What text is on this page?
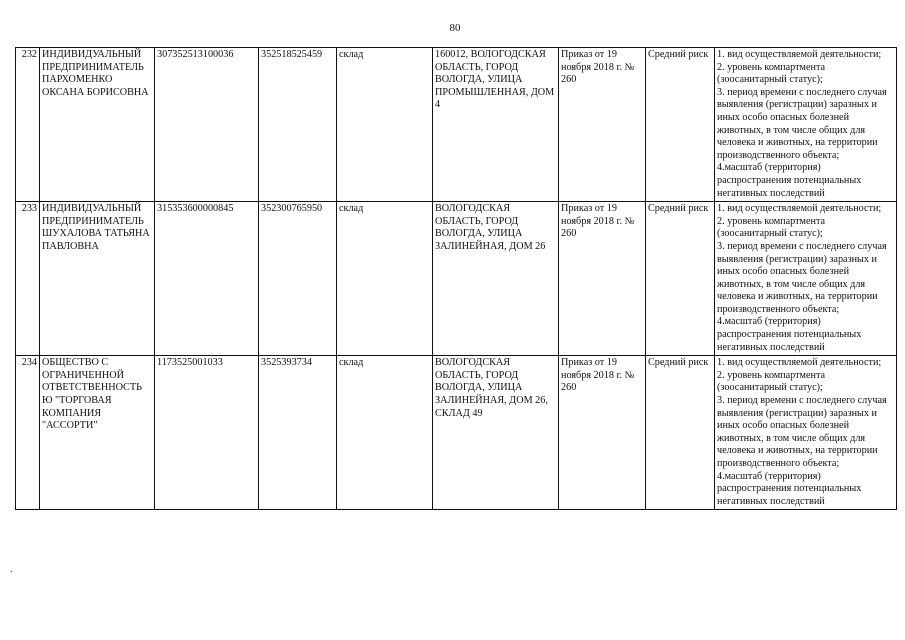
80
232	ИНДИВИДУАЛЬНЫЙ ПРЕДПРИНИМАТЕЛЬ ПАРХОМЕНКО ОКСАНА БОРИСОВНА	307352513100036	352518525459	склад	160012, ВОЛОГОДСКАЯ ОБЛАСТЬ, ГОРОД ВОЛОГДА, УЛИЦА ПРОМЫШЛЕННАЯ, ДОМ 4	Приказ от 19 ноября 2018 г. № 260	Средний риск	1. вид осуществляемой деятельности;
2. уровень компартмента (зоосанитарный статус);
3. период времени с последнего случая выявления (регистрации) заразных и иных особо опасных болезней животных, в том числе общих для человека и животных, на территории производственного объекта;
4.масштаб (территория) распространения потенциальных негативных последствий

233	ИНДИВИДУАЛЬНЫЙ ПРЕДПРИНИМАТЕЛЬ ШУХАЛОВА ТАТЬЯНА ПАВЛОВНА	315353600000845	352300765950	склад	ВОЛОГОДСКАЯ ОБЛАСТЬ, ГОРОД ВОЛОГДА, УЛИЦА ЗАЛИНЕЙНАЯ, ДОМ 26	Приказ от 19 ноября 2018 г. № 260	Средний риск	1. вид осуществляемой деятельности;
2. уровень компартмента (зоосанитарный статус);
3. период времени с последнего случая выявления (регистрации) заразных и иных особо опасных болезней животных, в том числе общих для человека и животных, на территории производственного объекта;
4.масштаб (территория) распространения потенциальных негативных последствий

234	ОБЩЕСТВО С ОГРАНИЧЕННОЙ ОТВЕТСТВЕННОСТЬЮ "ТОРГОВАЯ КОМПАНИЯ "АССОРТИ"	1173525001033	3525393734	склад	ВОЛОГОДСКАЯ ОБЛАСТЬ, ГОРОД ВОЛОГДА, УЛИЦА ЗАЛИНЕЙНАЯ, ДОМ 26, СКЛАД 49	Приказ от 19 ноября 2018 г. № 260	Средний риск	1. вид осуществляемой деятельности;
2. уровень компартмента (зоосанитарный статус);
3. период времени с последнего случая выявления (регистрации) заразных и иных особо опасных болезней животных, в том числе общих для человека и животных, на территории производственного объекта;
4.масштаб (территория) распространения потенциальных негативных последствий
.
